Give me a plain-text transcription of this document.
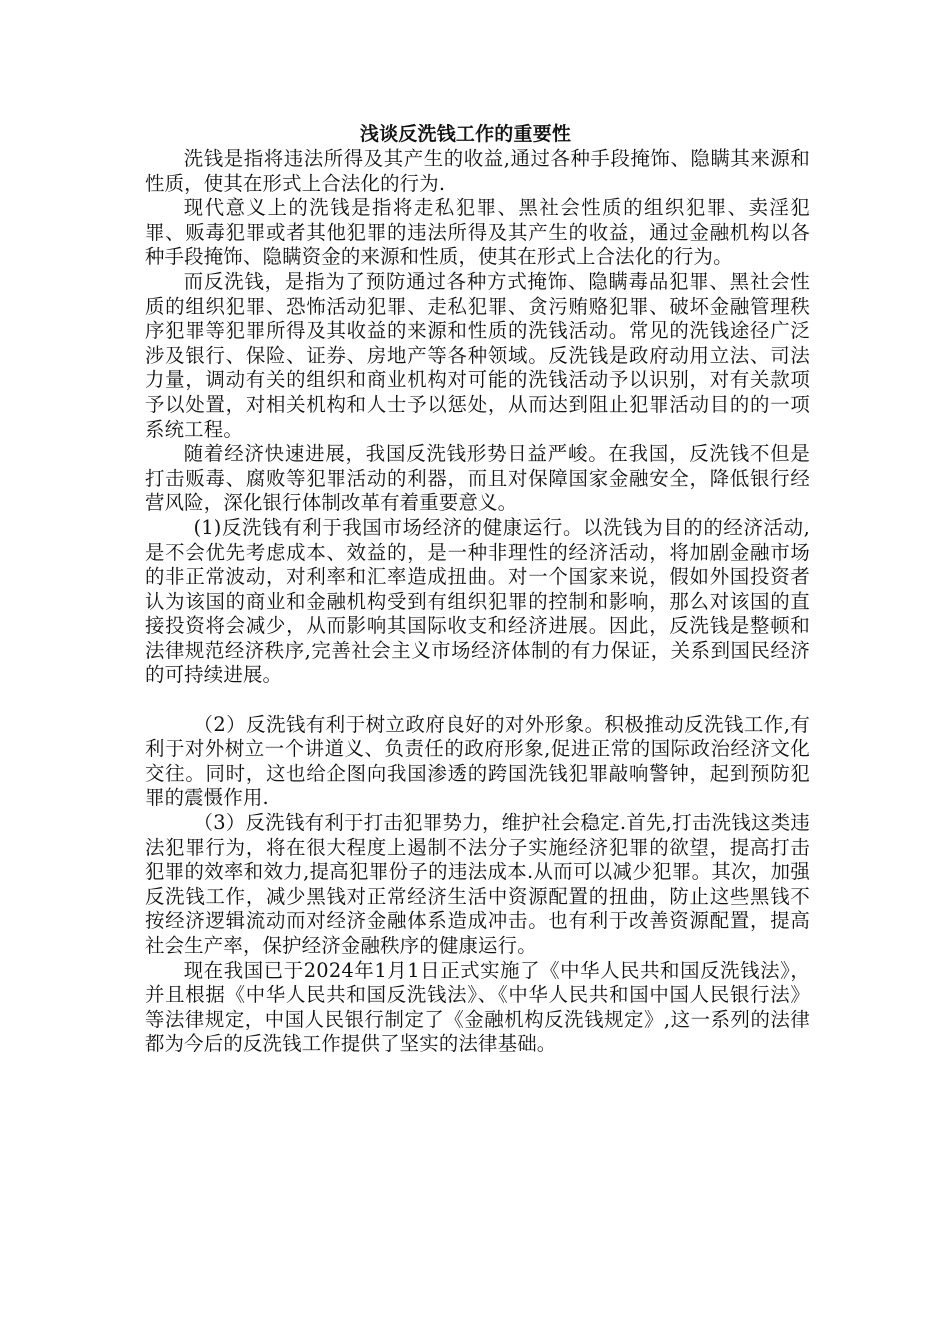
浅谈反洗钱工作的重要性

洗钱是指将违法所得及其产生的收益,通过各种手段掩饰、隐瞒其来源和性质，使其在形式上合法化的行为.

现代意义上的洗钱是指将走私犯罪、黑社会性质的组织犯罪、卖淫犯罪、贩毒犯罪或者其他犯罪的违法所得及其产生的收益，通过金融机构以各种手段掩饰、隐瞒资金的来源和性质，使其在形式上合法化的行为。

而反洗钱，是指为了预防通过各种方式掩饰、隐瞒毒品犯罪、黑社会性质的组织犯罪、恐怖活动犯罪、走私犯罪、贪污贿赂犯罪、破坏金融管理秩序犯罪等犯罪所得及其收益的来源和性质的洗钱活动。常见的洗钱途径广泛涉及银行、保险、证券、房地产等各种领域。反洗钱是政府动用立法、司法力量，调动有关的组织和商业机构对可能的洗钱活动予以识别，对有关款项予以处置，对相关机构和人士予以惩处，从而达到阻止犯罪活动目的的一项系统工程。

随着经济快速进展，我国反洗钱形势日益严峻。在我国，反洗钱不但是打击贩毒、腐败等犯罪活动的利器，而且对保障国家金融安全，降低银行经营风险，深化银行体制改革有着重要意义。

(1)反洗钱有利于我国市场经济的健康运行。以洗钱为目的的经济活动,是不会优先考虑成本、效益的，是一种非理性的经济活动，将加剧金融市场的非正常波动，对利率和汇率造成扭曲。对一个国家来说，假如外国投资者认为该国的商业和金融机构受到有组织犯罪的控制和影响，那么对该国的直接投资将会减少，从而影响其国际收支和经济进展。因此，反洗钱是整顿和法律规范经济秩序,完善社会主义市场经济体制的有力保证，关系到国民经济的可持续进展。

（2）反洗钱有利于树立政府良好的对外形象。积极推动反洗钱工作,有利于对外树立一个讲道义、负责任的政府形象,促进正常的国际政治经济文化交往。同时，这也给企图向我国渗透的跨国洗钱犯罪敲响警钟，起到预防犯罪的震慑作用.

（3）反洗钱有利于打击犯罪势力，维护社会稳定.首先,打击洗钱这类违法犯罪行为，将在很大程度上遏制不法分子实施经济犯罪的欲望，提高打击犯罪的效率和效力,提高犯罪份子的违法成本.从而可以减少犯罪。其次，加强反洗钱工作，减少黑钱对正常经济生活中资源配置的扭曲，防止这些黑钱不按经济逻辑流动而对经济金融体系造成冲击。也有利于改善资源配置，提高社会生产率，保护经济金融秩序的健康运行。

现在我国已于2024年1月1日正式实施了《中华人民共和国反洗钱法》，并且根据《中华人民共和国反洗钱法》、《中华人民共和国中国人民银行法》等法律规定，中国人民银行制定了《金融机构反洗钱规定》,这一系列的法律都为今后的反洗钱工作提供了坚实的法律基础。
